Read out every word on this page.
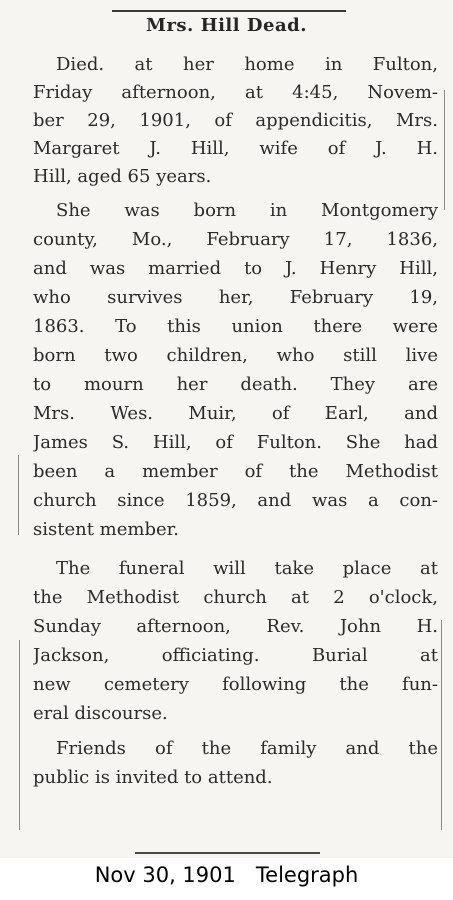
Mrs. Hill Dead.
Died. at her home in Fulton,
Friday afternoon, at 4:45, Novem-
ber 29, 1901, of appendicitis, Mrs.
Margaret J. Hill, wife of J. H.
Hill, aged 65 years.
She was born in Montgomery
county, Mo., February 17, 1836,
and was married to J. Henry Hill,
who survives her, February 19,
1863. To this union there were
born two children, who still live
to mourn her death. They are
Mrs. Wes. Muir, of Earl, and
James S. Hill, of Fulton. She had
been a member of the Methodist
church since 1859, and was a con-
sistent member.
The funeral will take place at
the Methodist church at 2 o'clock,
Sunday afternoon, Rev. John H.
Jackson, officiating. Burial at
new cemetery following the fun-
eral discourse.
Friends of the family and the
public is invited to attend.
Nov 30, 1901   Telegraph
